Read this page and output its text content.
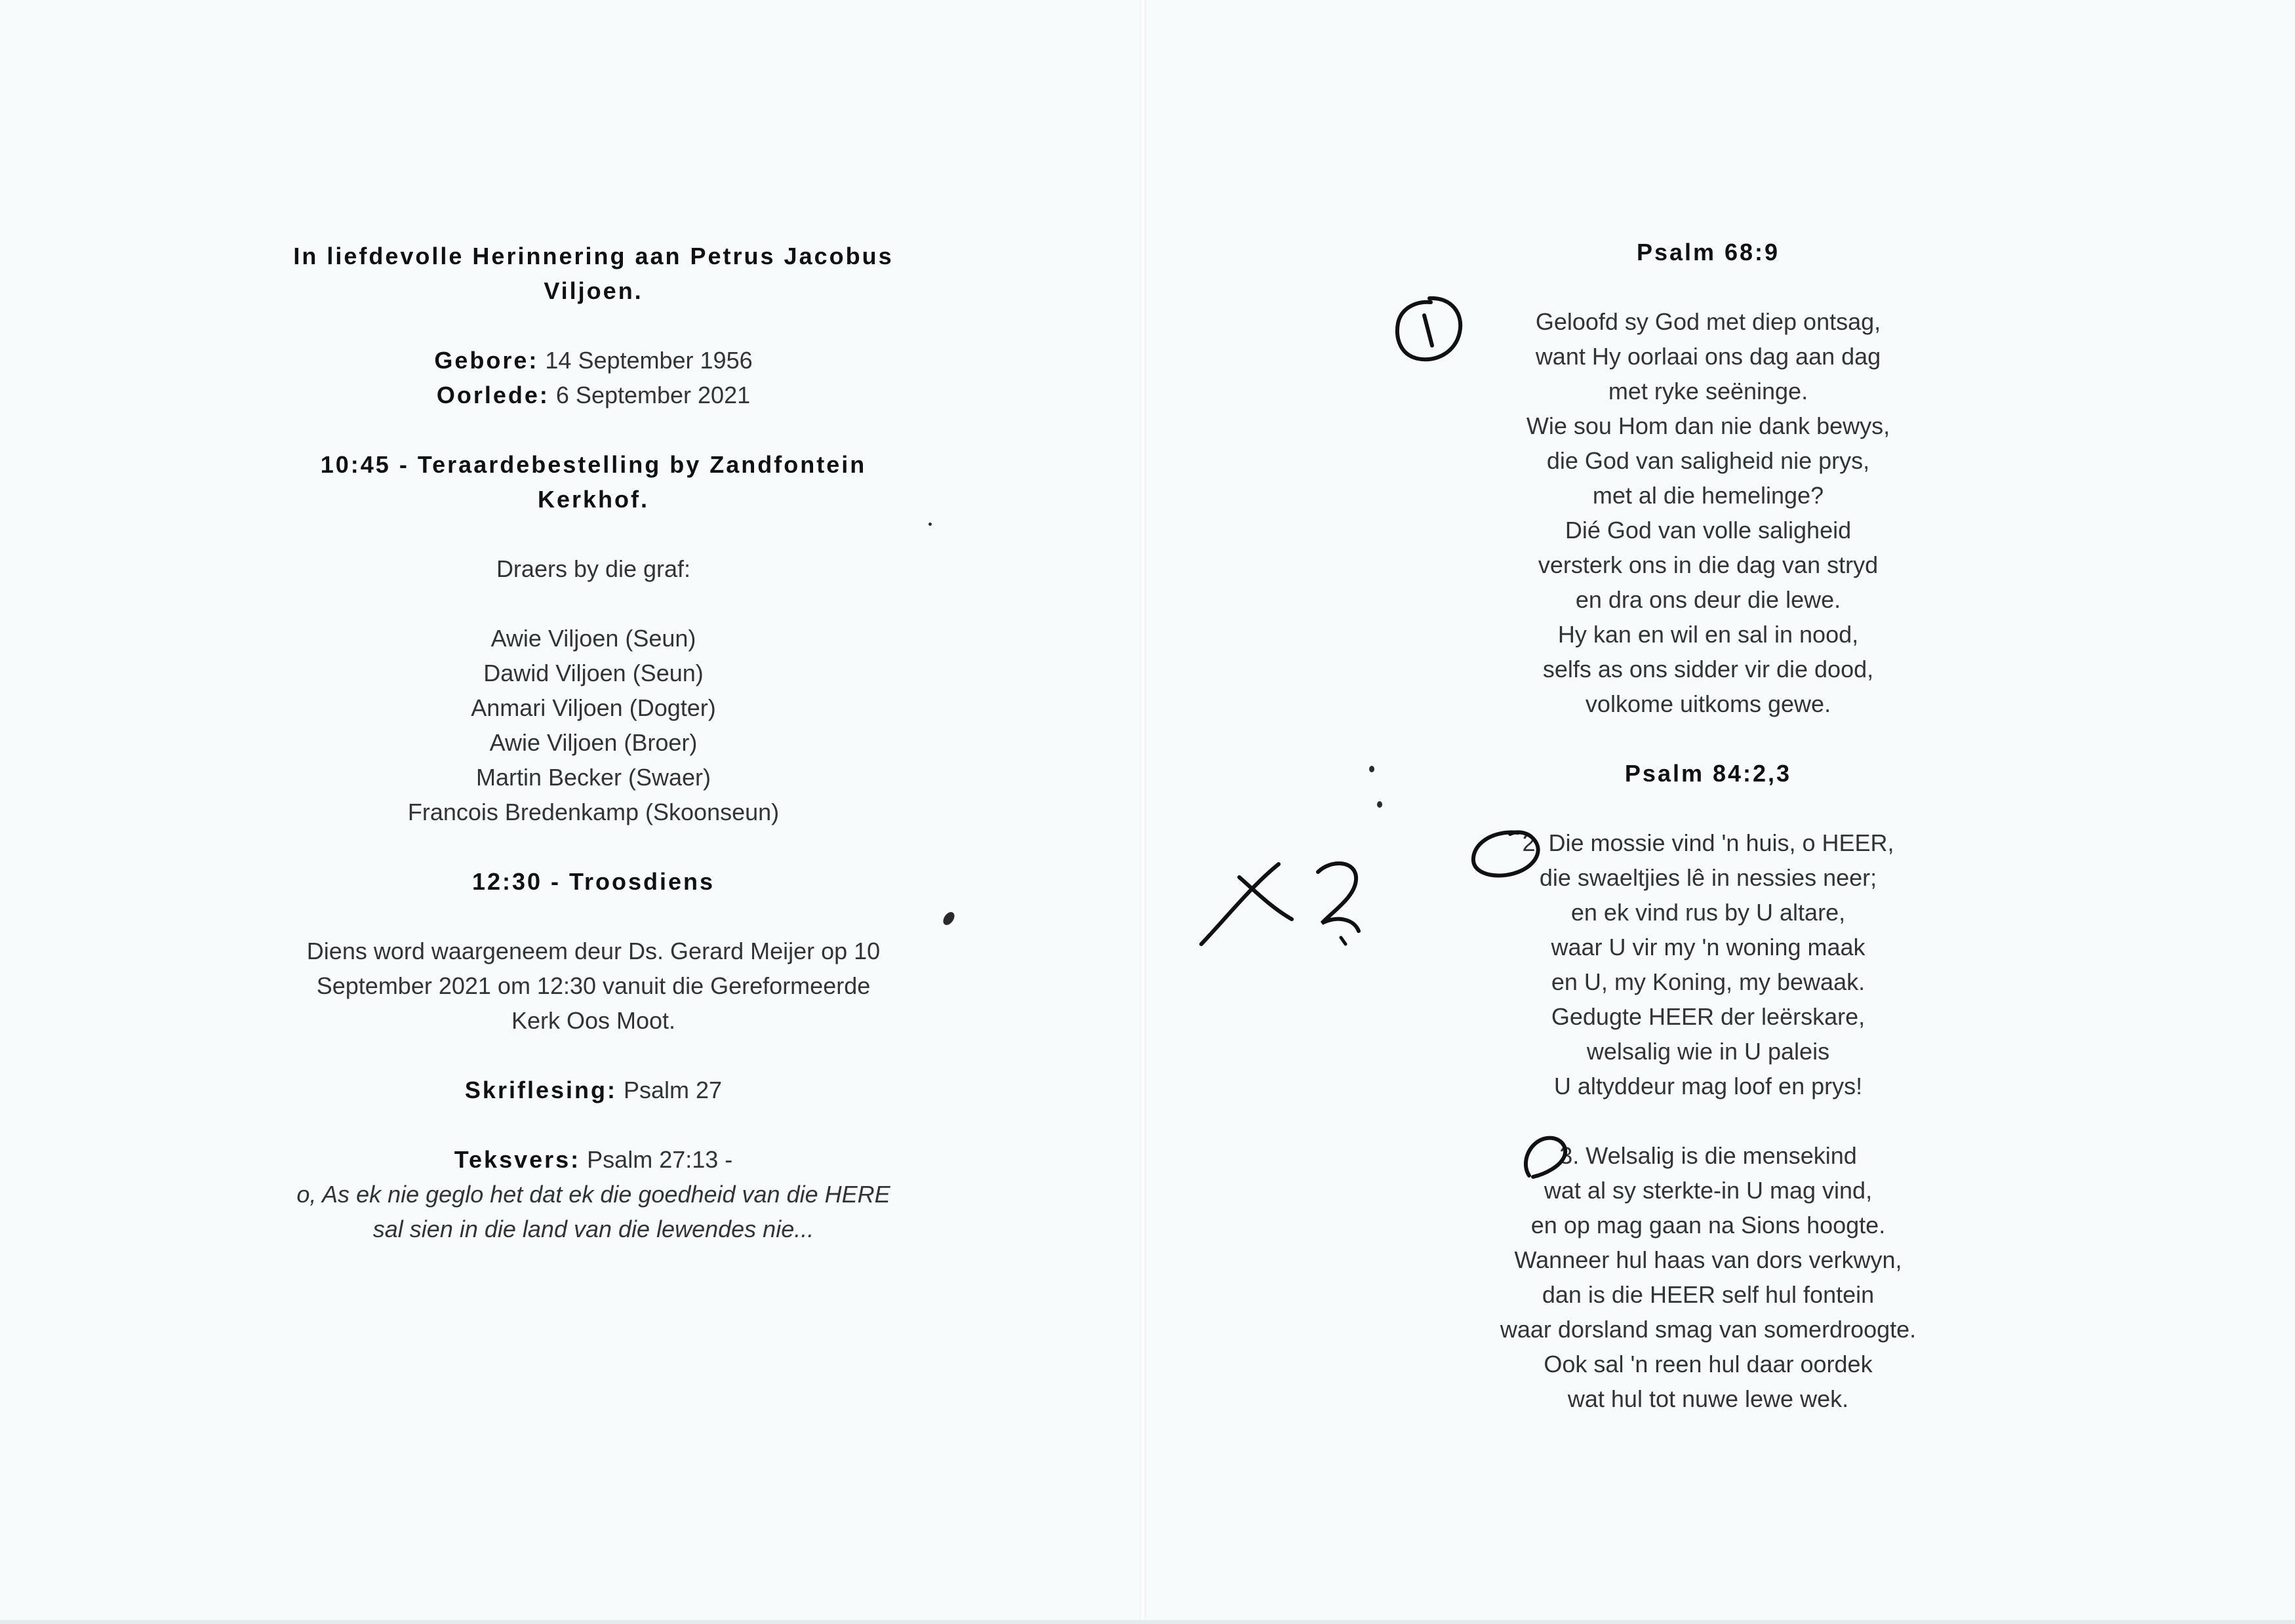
In liefdevolle Herinnering aan Petrus Jacobus
Viljoen.
Gebore: 14 September 1956
Oorlede: 6 September 2021
10:45 - Teraardebestelling by Zandfontein
Kerkhof.
Draers by die graf:
Awie Viljoen (Seun)
Dawid Viljoen (Seun)
Anmari Viljoen (Dogter)
Awie Viljoen (Broer)
Martin Becker (Swaer)
Francois Bredenkamp (Skoonseun)
12:30 - Troosdiens
Diens word waargeneem deur Ds. Gerard Meijer op 10
September 2021 om 12:30 vanuit die Gereformeerde
Kerk Oos Moot.
Skriflesing: Psalm 27
Teksvers: Psalm 27:13 -
o, As ek nie geglo het dat ek die goedheid van die HERE
sal sien in die land van die lewendes nie...
Psalm 68:9
Geloofd sy God met diep ontsag,
want Hy oorlaai ons dag aan dag
met ryke seëninge.
Wie sou Hom dan nie dank bewys,
die God van saligheid nie prys,
met al die hemelinge?
Dié God van volle saligheid
versterk ons in die dag van stryd
en dra ons deur die lewe.
Hy kan en wil en sal in nood,
selfs as ons sidder vir die dood,
volkome uitkoms gewe.
Psalm 84:2,3
2. Die mossie vind 'n huis, o HEER,
die swaeltjies lê in nessies neer;
en ek vind rus by U altare,
waar U vir my 'n woning maak
en U, my Koning, my bewaak.
Gedugte HEER der leërskare,
welsalig wie in U paleis
U altyddeur mag loof en prys!
3. Welsalig is die mensekind
wat al sy sterkte-in U mag vind,
en op mag gaan na Sions hoogte.
Wanneer hul haas van dors verkwyn,
dan is die HEER self hul fontein
waar dorsland smag van somerdroogte.
Ook sal 'n reen hul daar oordek
wat hul tot nuwe lewe wek.
